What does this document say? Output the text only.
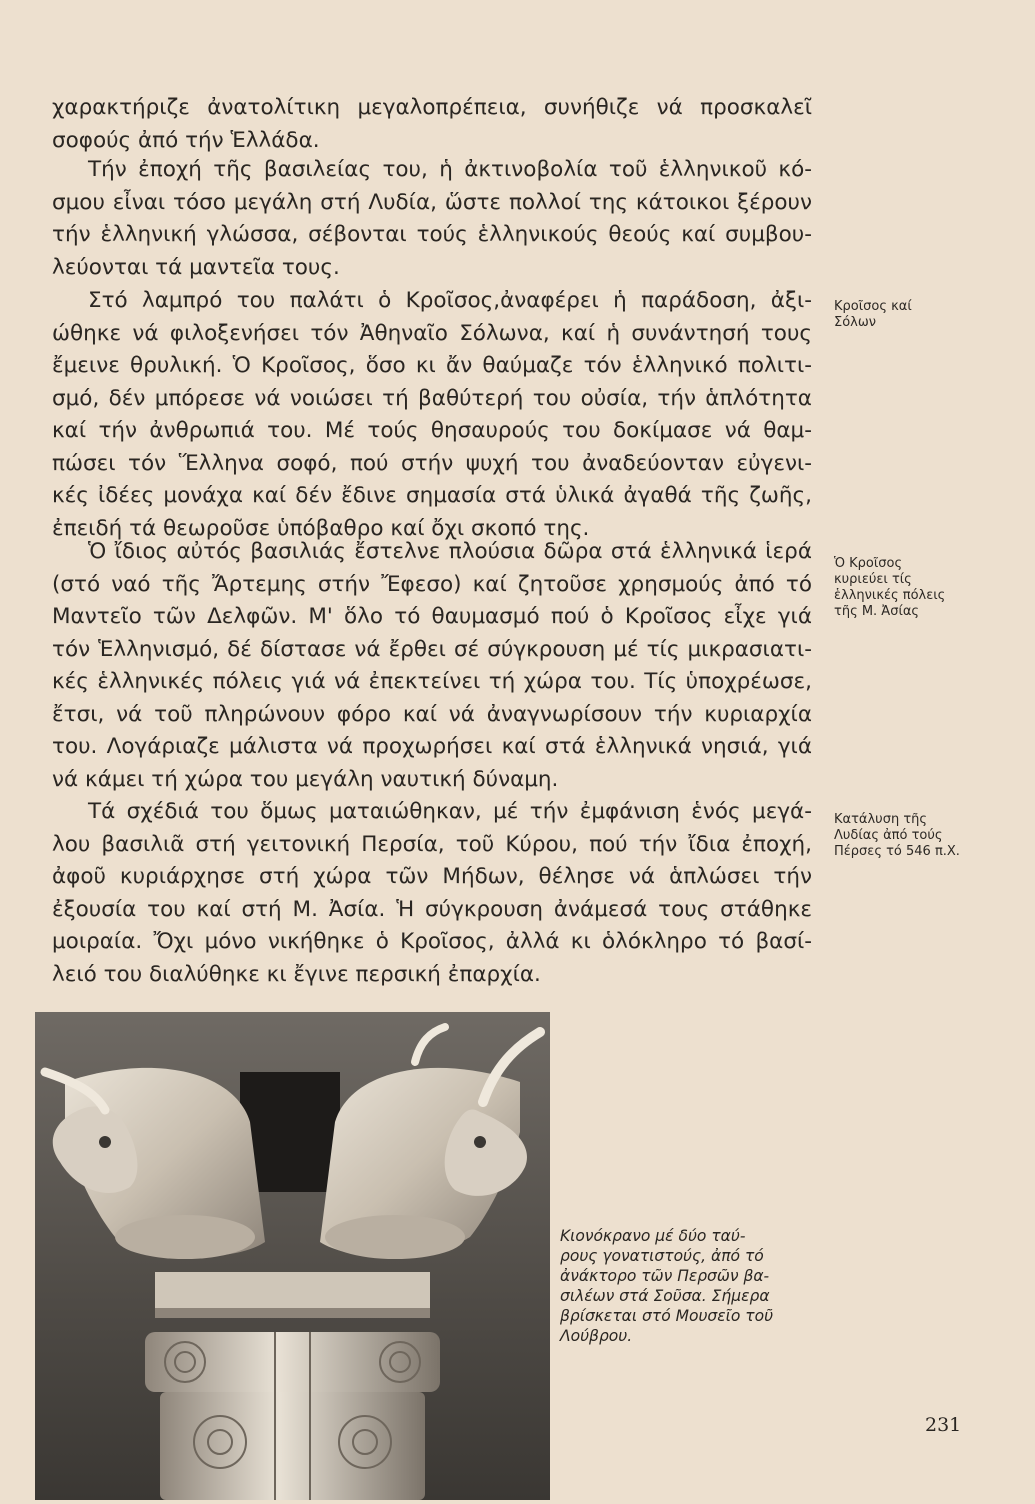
χαρακτήριζε ἀνατολίτικη μεγαλοπρέπεια, συνήθιζε νά προσκαλεῖ
σοφούς ἀπό τήν Ἑλλάδα.
Τήν ἐποχή τῆς βασιλείας του, ἡ ἀκτινοβολία τοῦ ἑλληνικοῦ κό-
σμου εἶναι τόσο μεγάλη στή Λυδία, ὥστε πολλοί της κάτοικοι ξέρουν
τήν ἑλληνική γλώσσα, σέβονται τούς ἑλληνικούς θεούς καί συμβου-
λεύονται τά μαντεῖα τους.
Στό λαμπρό του παλάτι ὁ Κροῖσος,ἀναφέρει ἡ παράδοση, ἀξι-
ώθηκε νά φιλοξενήσει τόν Ἀθηναῖο Σόλωνα, καί ἡ συνάντησή τους
ἔμεινε θρυλική. Ὁ Κροῖσος, ὅσο κι ἄν θαύμαζε τόν ἑλληνικό πολιτι-
σμό, δέν μπόρεσε νά νοιώσει τή βαθύτερή του οὐσία, τήν ἁπλότητα
καί τήν ἀνθρωπιά του. Μέ τούς θησαυρούς του δοκίμασε νά θαμ-
πώσει τόν Ἕλληνα σοφό, πού στήν ψυχή του ἀναδεύονταν εὐγενι-
κές ἰδέες μονάχα καί δέν ἔδινε σημασία στά ὑλικά ἀγαθά τῆς ζωῆς,
ἐπειδή τά θεωροῦσε ὑπόβαθρο καί ὄχι σκοπό της.
Ὁ ἴδιος αὐτός βασιλιάς ἔστελνε πλούσια δῶρα στά ἑλληνικά ἱερά
(στό ναό τῆς Ἄρτεμης στήν Ἔφεσο) καί ζητοῦσε χρησμούς ἀπό τό
Μαντεῖο τῶν Δελφῶν. Μ' ὅλο τό θαυμασμό πού ὁ Κροῖσος εἶχε γιά
τόν Ἑλληνισμό, δέ δίστασε νά ἔρθει σέ σύγκρουση μέ τίς μικρασιατι-
κές ἑλληνικές πόλεις γιά νά ἐπεκτείνει τή χώρα του. Τίς ὑποχρέωσε,
ἔτσι, νά τοῦ πληρώνουν φόρο καί νά ἀναγνωρίσουν τήν κυριαρχία
του. Λογάριαζε μάλιστα νά προχωρήσει καί στά ἑλληνικά νησιά, γιά
νά κάμει τή χώρα του μεγάλη ναυτική δύναμη.
Τά σχέδιά του ὅμως ματαιώθηκαν, μέ τήν ἐμφάνιση ἑνός μεγά-
λου βασιλιᾶ στή γειτονική Περσία, τοῦ Κύρου, πού τήν ἴδια ἐποχή,
ἀφοῦ κυριάρχησε στή χώρα τῶν Μήδων, θέλησε νά ἁπλώσει τήν
ἐξουσία του καί στή Μ. Ἀσία. Ἡ σύγκρουση ἀνάμεσά τους στάθηκε
μοιραία. Ὄχι μόνο νικήθηκε ὁ Κροῖσος, ἀλλά κι ὁλόκληρο τό βασί-
λειό του διαλύθηκε κι ἔγινε περσική ἐπαρχία.
Κροῖσος καί
Σόλων
Ὁ Κροῖσος
κυριεύει τίς
ἑλληνικές πόλεις
τῆς Μ. Ἀσίας
Κατάλυση τῆς
Λυδίας ἀπό τούς
Πέρσες τό 546 π.Χ.
Κιονόκρανο μέ δύο ταύ-
ρους γονατιστούς, ἀπό τό
ἀνάκτορο τῶν Περσῶν βα-
σιλέων στά Σοῦσα. Σήμερα
βρίσκεται στό Μουσεῖο τοῦ
Λούβρου.
231
